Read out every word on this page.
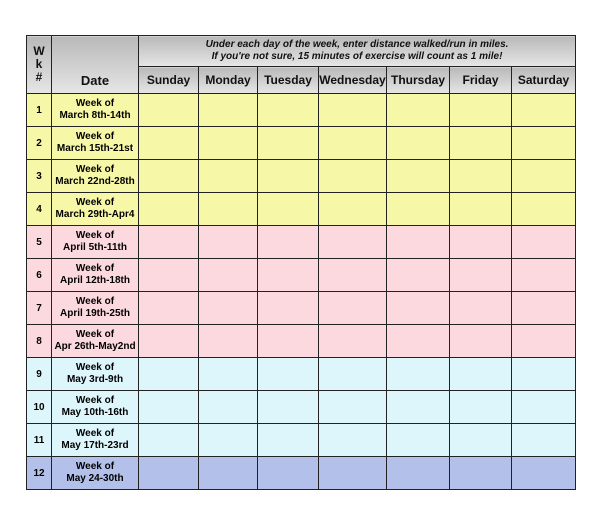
W
k
#	Date	Under each day of the week, enter distance walked/run in miles.
If you're not sure, 15 minutes of exercise will count as 1 mile!						

		Sunday	Monday	Tuesday	Wednesday	Thursday	Friday	Saturday
1	Week of
March 8th-14th							

2	Week of
March 15th-21st							

3	Week of
March 22nd-28th							

4	Week of
March 29th-Apr4							

5	Week of
April 5th-11th							

6	Week of
April 12th-18th							

7	Week of
April 19th-25th							

8	Week of
Apr 26th-May2nd							

9	Week of
May 3rd-9th							

10	Week of
May 10th-16th							

11	Week of
May 17th-23rd							

12	Week of
May 24-30th							
